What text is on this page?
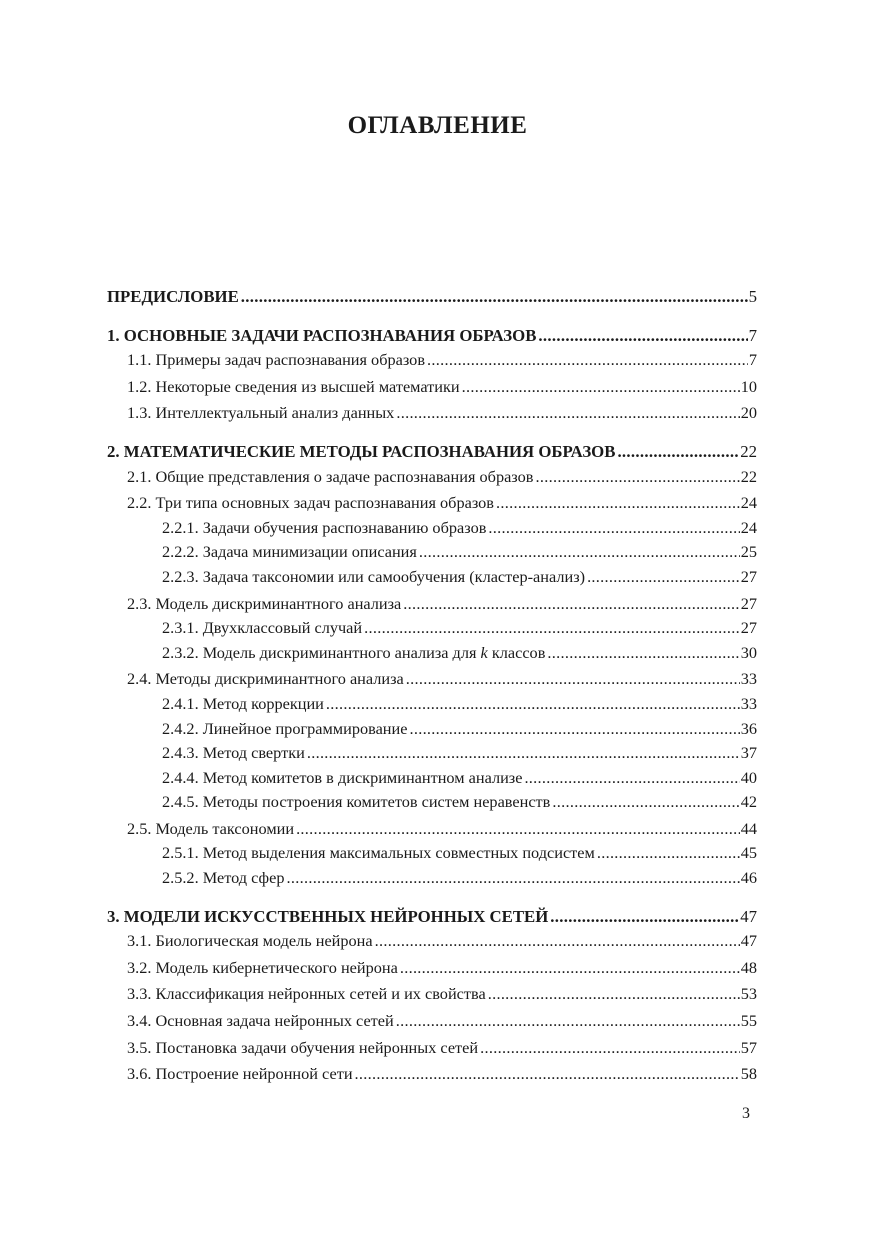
ОГЛАВЛЕНИЕ
ПРЕДИСЛОВИЕ .....	5
1. ОСНОВНЫЕ ЗАДАЧИ РАСПОЗНАВАНИЯ ОБРАЗОВ .....	7
1.1. Примеры задач распознавания образов .....	7
1.2. Некоторые сведения из высшей математики .....	10
1.3. Интеллектуальный анализ данных .....	20
2. МАТЕМАТИЧЕСКИЕ МЕТОДЫ РАСПОЗНАВАНИЯ ОБРАЗОВ .....	22
2.1. Общие представления о задаче распознавания образов .....	22
2.2. Три типа основных задач распознавания образов .....	24
2.2.1. Задачи обучения распознаванию образов .....	24
2.2.2. Задача минимизации описания .....	25
2.2.3. Задача таксономии или самообучения (кластер-анализ) .....	27
2.3. Модель дискриминантного анализа .....	27
2.3.1. Двухклассовый случай .....	27
2.3.2. Модель дискриминантного анализа для k классов .....	30
2.4. Методы дискриминантного анализа .....	33
2.4.1. Метод коррекции .....	33
2.4.2. Линейное программирование .....	36
2.4.3. Метод свертки .....	37
2.4.4. Метод комитетов в дискриминантном анализе .....	40
2.4.5. Методы построения комитетов систем неравенств .....	42
2.5. Модель таксономии .....	44
2.5.1. Метод выделения максимальных совместных подсистем .....	45
2.5.2. Метод сфер .....	46
3. МОДЕЛИ ИСКУССТВЕННЫХ НЕЙРОННЫХ СЕТЕЙ .....	47
3.1. Биологическая модель нейрона .....	47
3.2. Модель кибернетического нейрона .....	48
3.3. Классификация нейронных сетей и их свойства .....	53
3.4. Основная задача нейронных сетей .....	55
3.5. Постановка задачи обучения нейронных сетей .....	57
3.6. Построение нейронной сети .....	58
3
